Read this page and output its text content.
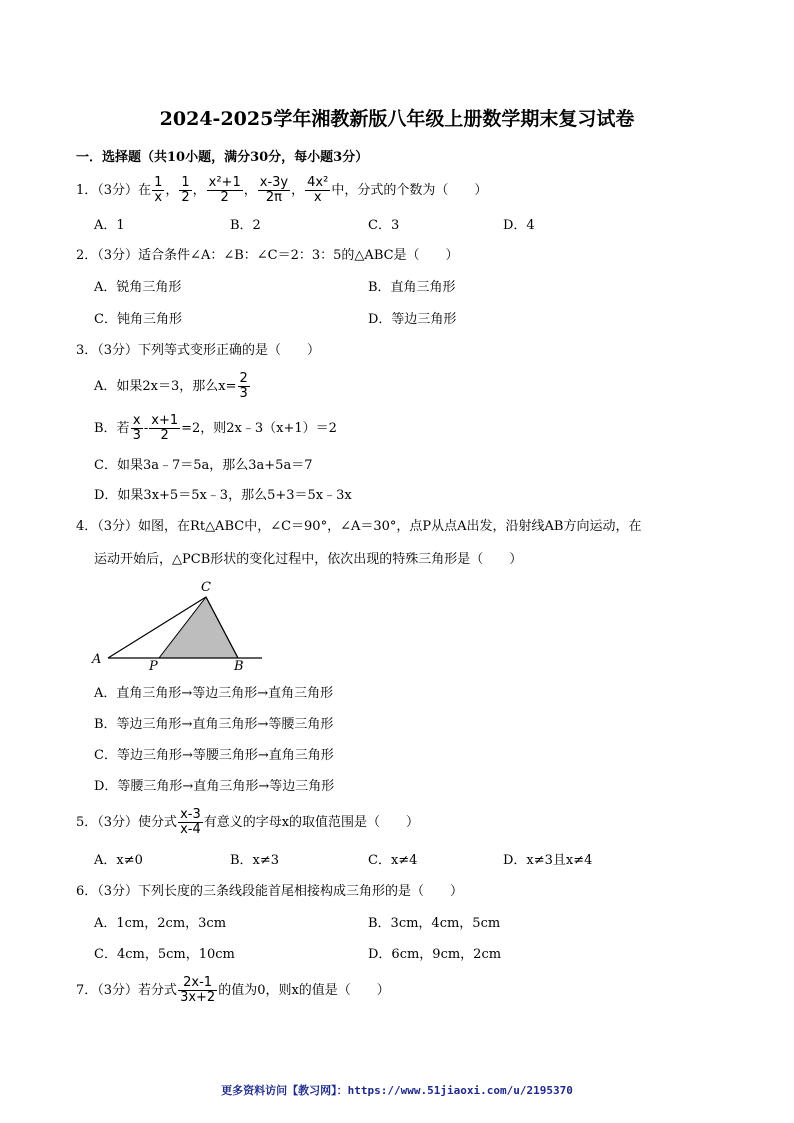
2024-2025学年湘教新版八年级上册数学期末复习试卷
一．选择题（共10小题，满分30分，每小题3分）
1．（3分）在 $\frac{1}{x}$ ， $\frac{1}{2}$ ， $\frac{\text{x²+1}}{2}$ ， $\frac{x-3y}{2\pi}$ ， $\frac{\text{4x²}}{x}$ 中，分式的个数为（　　）
A．1	B．2	C．3	D．4
2．（3分）适合条件∠A：∠B：∠C＝2：3：5的△ABC是（　　）
A．锐角三角形	B．直角三角形
C．钝角三角形	D．等边三角形
3．（3分）下列等式变形正确的是（　　）
A．如果2x＝3，那么$x= \frac{2}{3}$
B．若 $\frac{x}{3} - \frac{x+1}{2} =2$，则2x﹣3（x+1）＝2
C．如果3a﹣7＝5a，那么3a+5a＝7
D．如果3x+5＝5x﹣3，那么5+3＝5x﹣3x
4．（3分）如图，在Rt△ABC中，∠C＝90°，∠A＝30°，点P从点A出发，沿射线AB方向运动，在
运动开始后，△PCB形状的变化过程中，依次出现的特殊三角形是（　　）
A	P	B
C
A．直角三角形→等边三角形→直角三角形
B．等边三角形→直角三角形→等腰三角形
C．等边三角形→等腰三角形→直角三角形
D．等腰三角形→直角三角形→等边三角形
5．（3分）使分式 $\frac{x-3}{x-4}$ 有意义的字母x的取值范围是（　　）
A．x≠0	B．x≠3	C．x≠4	D．x≠3且x≠4
6．（3分）下列长度的三条线段能首尾相接构成三角形的是（　　）
A．1cm，2cm，3cm	B．3cm，4cm，5cm
C．4cm，5cm，10cm	D．6cm，9cm，2cm
7．（3分）若分式 $\frac{2x-1}{3x+2}$ 的值为0，则x的值是（　　）
更多资料访问【教习网】：https://www.51jiaoxi.com/u/2195370
